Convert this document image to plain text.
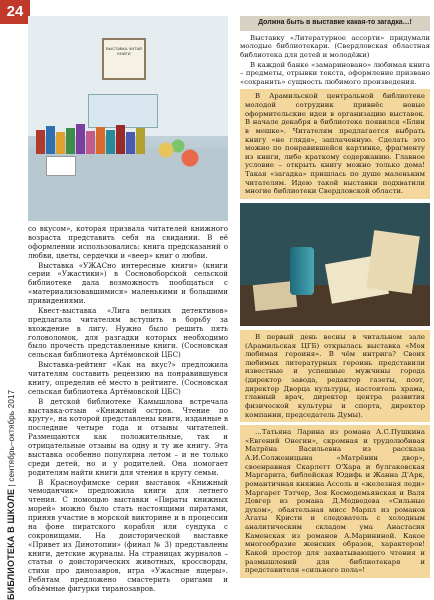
24
БИБЛИОТЕКА В ШКОЛЕ | сентябрь–октябрь 2017
ВЫСТАВКА ЧИТАЙ КНИГИ

со вкусом», которая призвала читателей книжного возраста представить себя на свидании. В её оформлении использовались: книга предсказаний о любви, цветы, сердечки и «веер» книг о любви.

Выставка «УЖАСно интересные книги» (книги серии «Ужастики») в Сосновоборской сельской библиотеке дала возможность пообщаться с «материализовавшимися» маленькими и большими привидениями.

Квест-выставка «Лига великих детективов» предлагала читателям вступить в борьбу за вхождение в лигу. Нужно было решить пять головоломок, для разгадки которых необходимо было прочесть представленные книги. (Сосновская сельская библиотека Артёмовской ЦБС)

Выставка-рейтинг «Как на вкус?» предложила читателям составить рецензию на понравившуюся книгу, определив её место в рейтинге. (Сосновская сельская библиотека Артёмовской ЦБС)

В детской библиотеке Камышлова встречала выставка-отзыв «Книжный остров. Чтение по кругу», на которой представлены книги, изданные в последние четыре года и отзывы читателей. Размещаются как положительные, так и отрицательные отзывы на одну и ту же книгу. Эта выставка особенно популярна летом – и не только среди детей, но и у родителей. Она помогает родителям найти книги для чтения в кругу семьи.

В Красноуфимске серия выставок «Книжный чемоданчик» предложила книги для летнего чтения. С помощью выставки «Пираты книжных морей» можно было стать настоящими пиратами, приняв участие в морской викторине и в процессии на фоне пиратского корабля или сундука с сокровищами. На доисторической выставке «Привет из Динотопии» (финал № 3) представлены книги, детские журналы. На страницах журналов – статьи о доисторических животных, кроссворды, стихи про динозавров, игра «Ужасные ящеры». Ребятам предложено смастерить оригами и объёмные фигурки тиранозавров.

Должна быть в выставке какая-то загадка…!

Выставку «Литературное ассорти» придумали молодые библиотекари. (Свердловская областная библиотека для детей и молодёжи)

В каждой банке «замариновано» любимая книга – предметы, отрывки текста, оформление призвано «сохранить» сущность любимого произведения.

В Арамильской центральной библиотеке молодой сотрудник привнёс новые оформительские идеи в организацию выставок. В начале декабря в библиотеке появился «Блин в мешке». Читателям предлагается выбрать книгу «не глядя», заплаченную. Сделать это можно по понравившейся картинке, фрагменту из книги, либо краткому содержанию. Главное условие – открыть книгу можно только дома! Такая «загадка» пришлась по душе маленьким читателям. Идею такой выставки подхватили многие библиотеки Свердловской области.

В первый день весны в читальном зале (Арамильская ЦГБ) открылась выставка «Моя любимая героиня». В чём интрига? Своих любимых литературных героинь представили известные и успешные мужчины города (директор завода, редактор газеты, поэт, директор Дворца культуры, настоятель храма, главный врач, директор центра развития физической культуры и спорта, директор компании, председатель Думы).

…Татьяна Ларина из романа А.С.Пушкина «Евгений Онегин», скромная и трудолюбивая Матрёна Васильевна из рассказа А.И.Солженицына «Матрёнин двор», своенравная Скарлетт О'Хара и булгаковская Маргарита, библейская Юдифь и Жанна Д'Арк, романтичная княжна Ассоль и «железная леди» Маргарет Тэтчер, Зоя Космодемьянская и Валя Довгер из романа Д.Медведева «Сильные духом», обаятельная мисс Марпл из романов Агаты Кристи и следователь с холодным аналитическим складом ума Анастасия Каменская из романов А.Марининой. Какое многообразие женских образов, характеров! Какой простор для захватывающего чтения и размышлений для библиотекаря и представителя «сильного пола»!
